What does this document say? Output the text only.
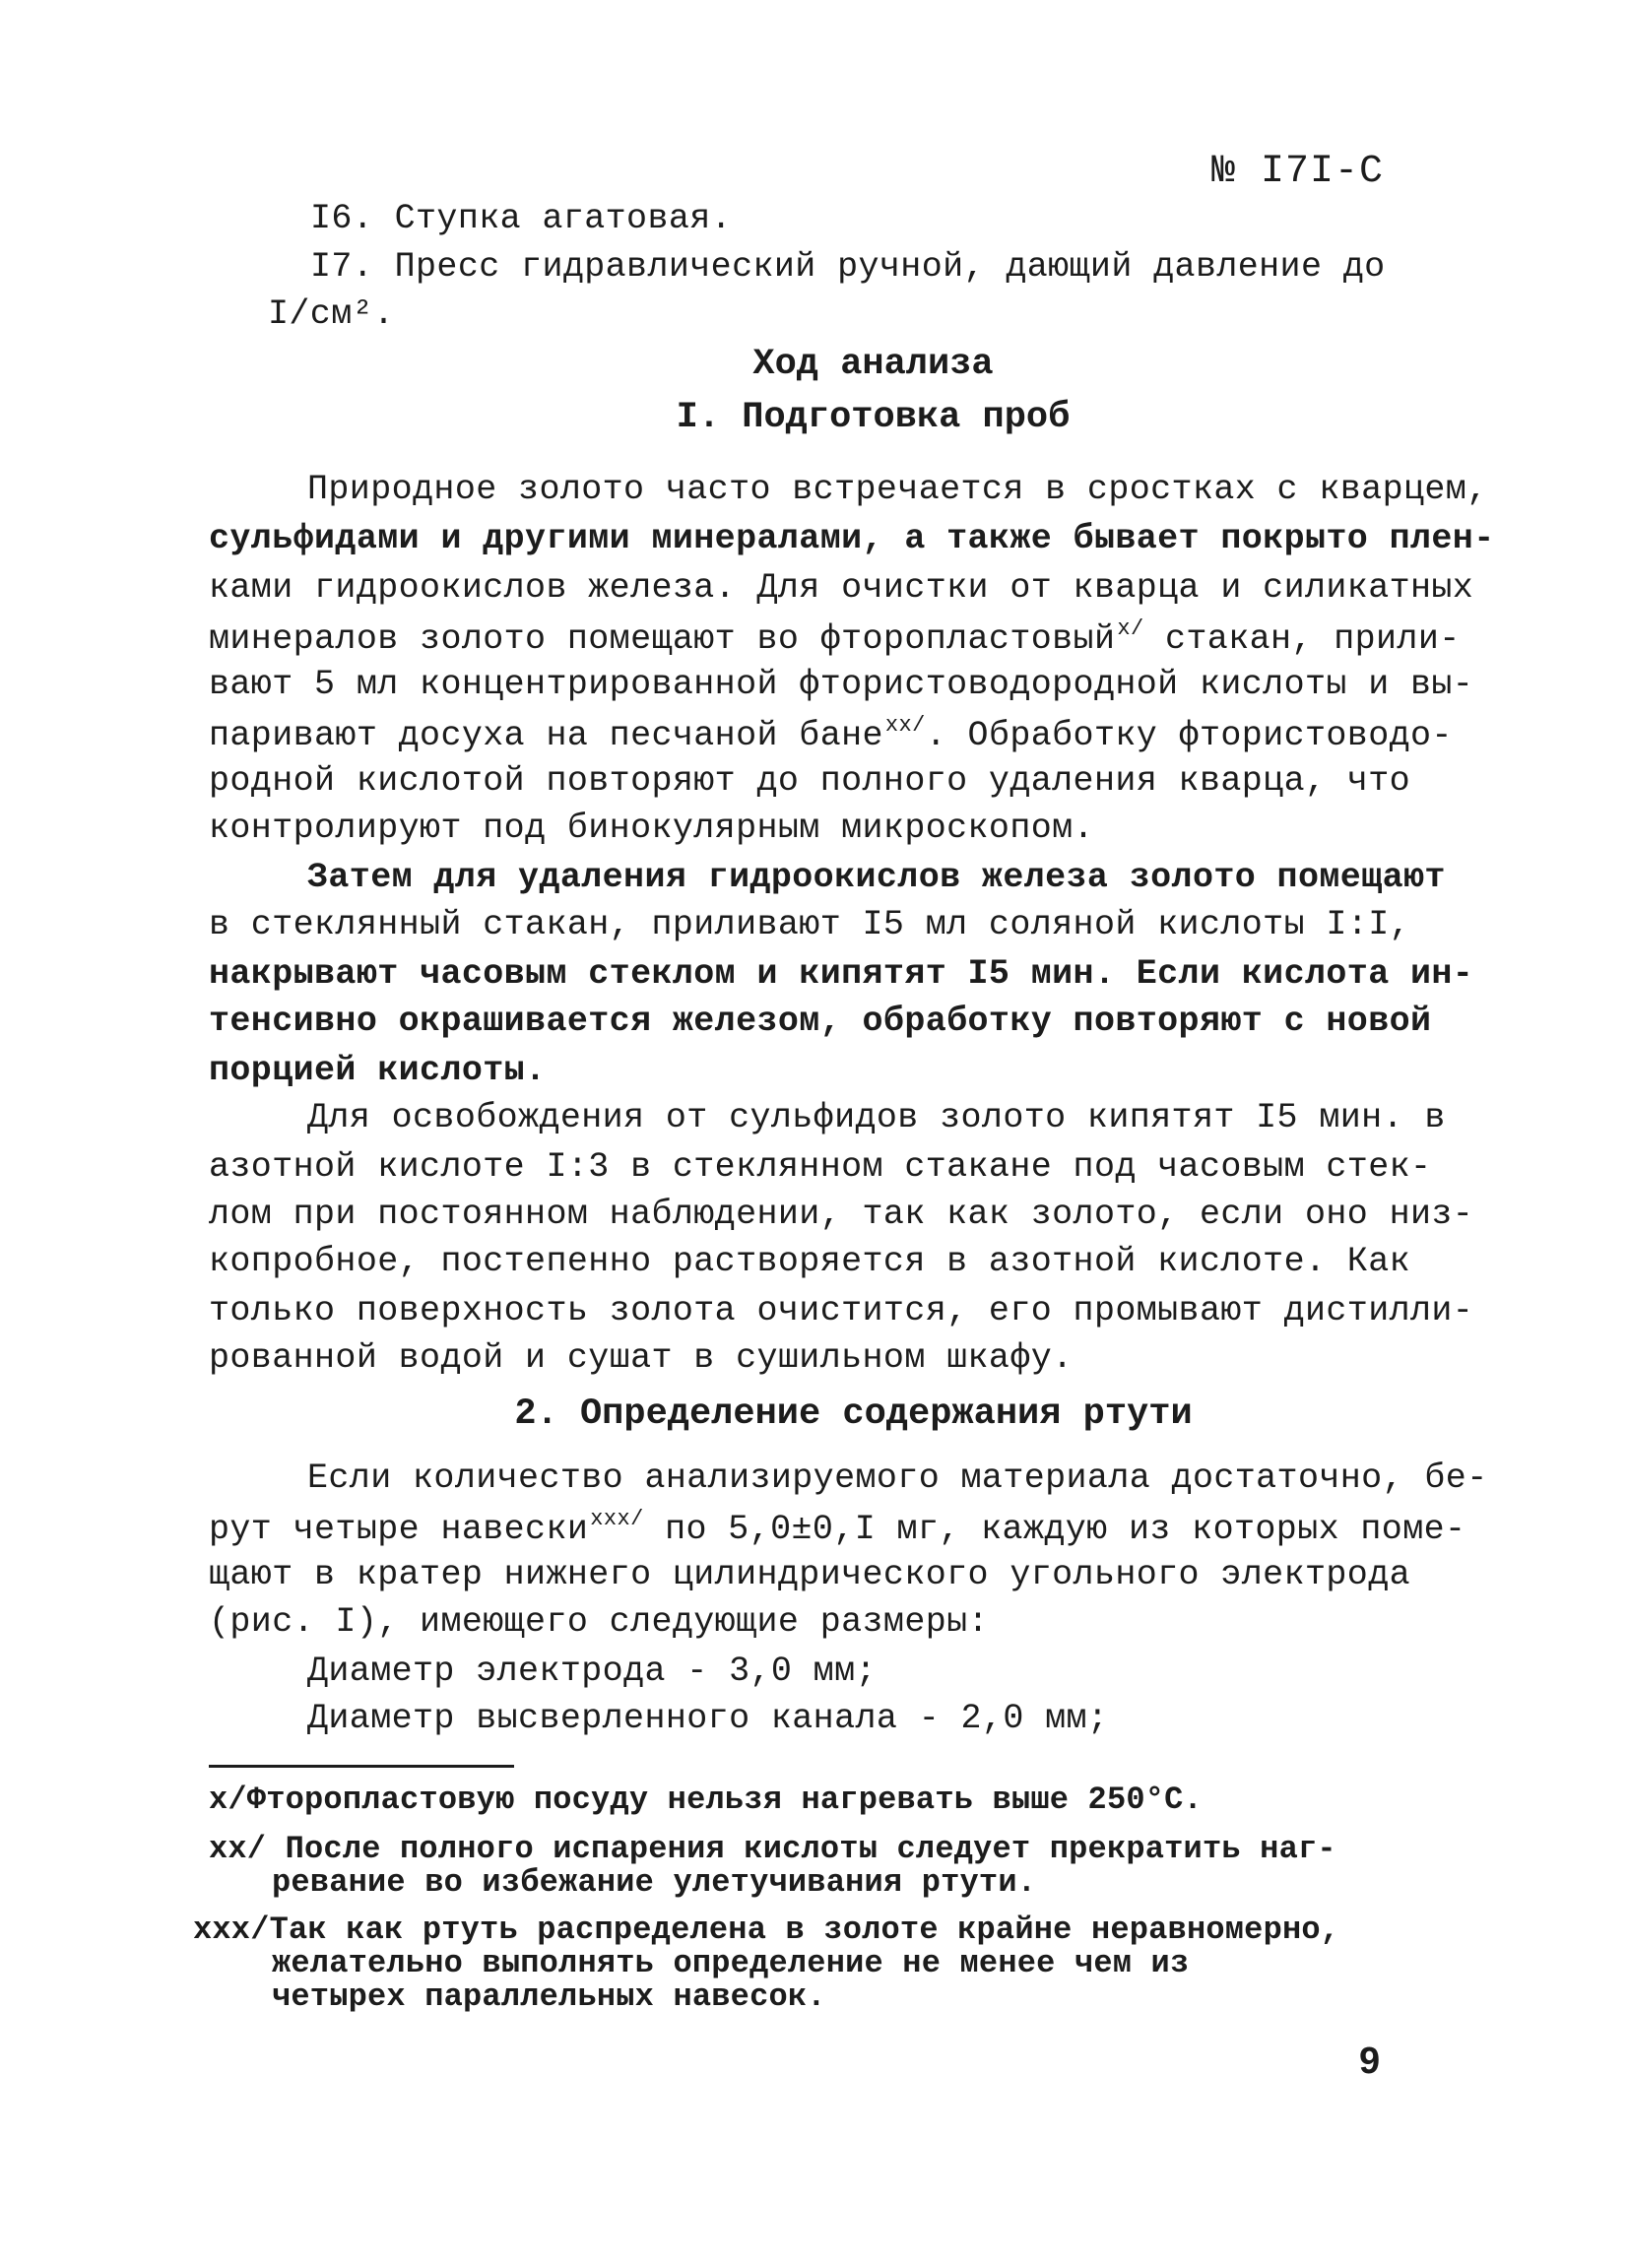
№ I7I-C
I6. Ступка агатовая.
I7. Пресс гидравлический ручной, дающий давление до
I/см².
Ход анализа
I. Подготовка проб
Природное золото часто встречается в сростках с кварцем,
сульфидами и другими минералами, а также бывает покрыто плен-
ками гидроокислов железа. Для очистки от кварца и силикатных
минералов золото помещают во фторопластовый$^{x/}$ стакан, прили-
вают 5 мл концентрированной фтористоводородной кислоты и вы-
паривают досуха на песчаной бане$^{xx/}$. Обработку фтористоводо-
родной кислотой повторяют до полного удаления кварца, что
контролируют под бинокулярным микроскопом.
Затем для удаления гидроокислов железа золото помещают
в стеклянный стакан, приливают I5 мл соляной кислоты I:I,
накрывают часовым стеклом и кипятят I5 мин. Если кислота ин-
тенсивно окрашивается железом, обработку повторяют с новой
порцией кислоты.
Для освобождения от сульфидов золото кипятят I5 мин. в
азотной кислоте I:3 в стеклянном стакане под часовым стек-
лом при постоянном наблюдении, так как золото, если оно низ-
копробное, постепенно растворяется в азотной кислоте. Как
только поверхность золота очистится, его промывают дистилли-
рованной водой и сушат в сушильном шкафу.
2. Определение содержания ртути
Если количество анализируемого материала достаточно, бе-
рут четыре навески$^{xxx/}$ по 5,0±0,I мг, каждую из которых поме-
щают в кратер нижнего цилиндрического угольного электрода
(рис. I), имеющего следующие размеры:
Диаметр электрода - 3,0 мм;
Диаметр высверленного канала - 2,0 мм;
x/Фторопластовую посуду нельзя нагревать выше 250°C.
xx/ После полного испарения кислоты следует прекратить наг-
ревание во избежание улетучивания ртути.
xxx/Так как ртуть распределена в золоте крайне неравномерно,
желательно выполнять определение не менее чем из
четырех параллельных навесок.
9
